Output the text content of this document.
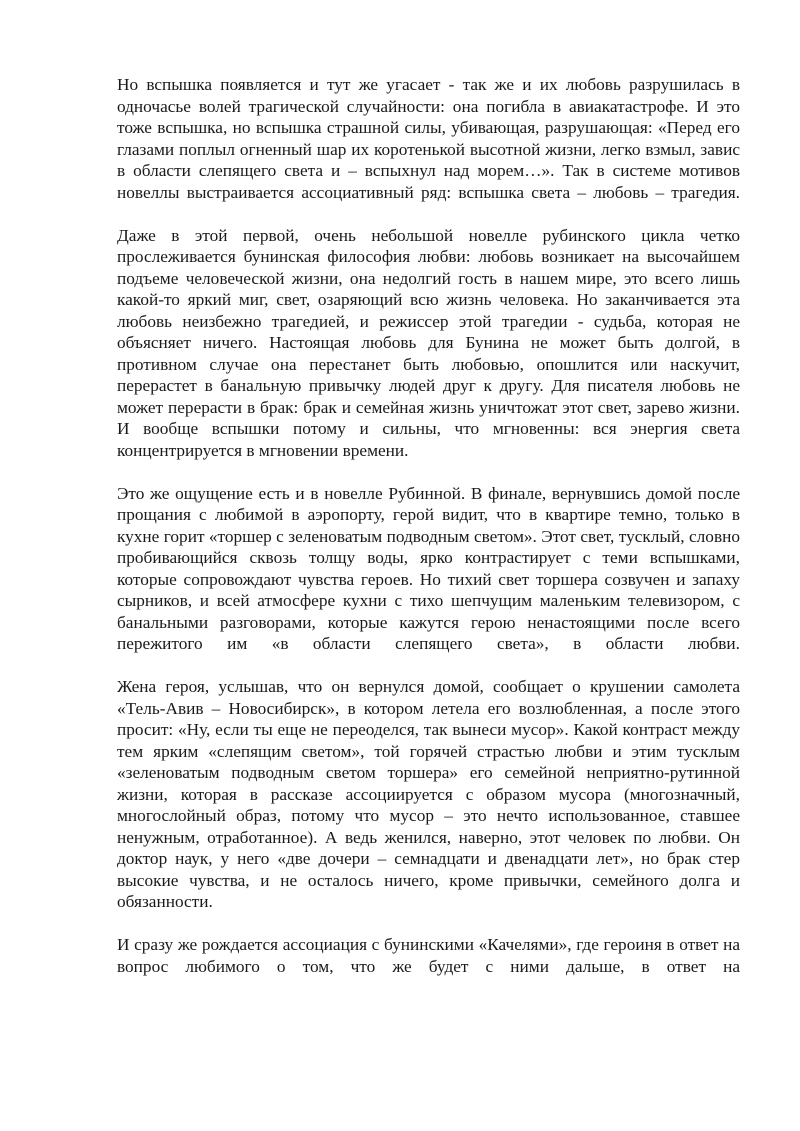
Но вспышка появляется и тут же угасает - так же и их любовь разрушилась в одночасье волей трагической случайности: она погибла в авиакатастрофе. И это тоже вспышка, но вспышка страшной силы, убивающая, разрушающая: «Перед его глазами поплыл огненный шар их коротенькой высотной жизни, легко взмыл, завис в области слепящего света и – вспыхнул над морем…». Так в системе мотивов новеллы выстраивается ассоциативный ряд: вспышка света – любовь – трагедия.

Даже в этой первой, очень небольшой новелле рубинского цикла четко прослеживается бунинская философия любви: любовь возникает на высочайшем подъеме человеческой жизни, она недолгий гость в нашем мире, это всего лишь какой-то яркий миг, свет, озаряющий всю жизнь человека. Но заканчивается эта любовь неизбежно трагедией, и режиссер этой трагедии - судьба, которая не объясняет ничего. Настоящая любовь для Бунина не может быть долгой, в противном случае она перестанет быть любовью, опошлится или наскучит, перерастет в банальную привычку людей друг к другу. Для писателя любовь не может перерасти в брак: брак и семейная жизнь уничтожат этот свет, зарево жизни. И вообще вспышки потому и сильны, что мгновенны: вся энергия света концентрируется в мгновении времени.

Это же ощущение есть и в новелле Рубинной. В финале, вернувшись домой после прощания с любимой в аэропорту, герой видит, что в квартире темно, только в кухне горит «торшер с зеленоватым подводным светом». Этот свет, тусклый, словно пробивающийся сквозь толщу воды, ярко контрастирует с теми вспышками, которые сопровождают чувства героев. Но тихий свет торшера созвучен и запаху сырников, и всей атмосфере кухни с тихо шепчущим маленьким телевизором, с банальными разговорами, которые кажутся герою ненастоящими после всего пережитого им «в области слепящего света», в области любви.

Жена героя, услышав, что он вернулся домой, сообщает о крушении самолета «Тель-Авив – Новосибирск», в котором летела его возлюбленная, а после этого просит: «Ну, если ты еще не переоделся, так вынеси мусор». Какой контраст между тем ярким «слепящим светом», той горячей страстью любви и этим тусклым «зеленоватым подводным светом торшера» его семейной неприятно-рутинной жизни, которая в рассказе ассоциируется с образом мусора (многозначный, многослойный образ, потому что мусор – это нечто использованное, ставшее ненужным, отработанное). А ведь женился, наверно, этот человек по любви. Он доктор наук, у него «две дочери – семнадцати и двенадцати лет», но брак стер высокие чувства, и не осталось ничего, кроме привычки, семейного долга и обязанности.

И сразу же рождается ассоциация с бунинскими «Качелями», где героиня в ответ на вопрос любимого о том, что же будет с ними дальше, в ответ на
